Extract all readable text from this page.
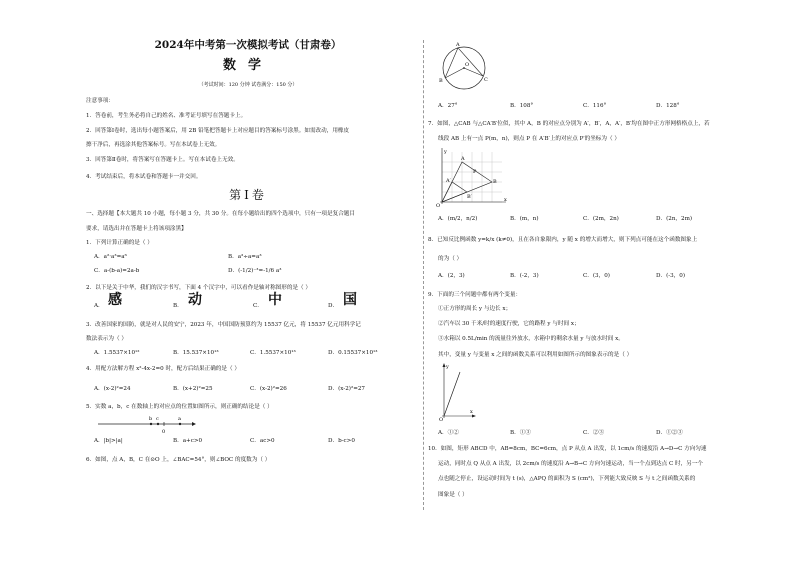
2024年中考第一次模拟考试（甘肃卷）
数学
（考试时间：120 分钟 试卷满分：150 分）
注意事项：
1．答卷前，考生务必将自己的姓名、准考证号填写在答题卡上。
2．回答第Ⅰ卷时，选出每小题答案后，用 2B 铅笔把答题卡上对应题目的答案标号涂黑。如需改动，用橡皮
擦干净后，再选涂其他答案标号。写在本试卷上无效。
3．回答第Ⅱ卷时，将答案写在答题卡上。写在本试卷上无效。
4．考试结束后，将本试卷和答题卡一并交回。
第Ⅰ卷
一、选择题【本大题共 10 小题，每小题 3 分，共 30 分。在每小题给出的四个选项中，只有一项是复合题目
要求，请选出并在答题卡上将该项涂黑】
1．下列计算正确的是（ ）
A．a²·a³=a⁶	B．a³÷a=a³
C．a-(b-a)=2a-b	D．(-1/2)⁻³=-1/6 a³
2．以下是关于中华，我们的汉字书写，下面 4 个汉字中，可以看作是轴对称图形的是（ ）
A． 感	B． 动	C． 中	D． 国
3．改善国家的国防，就是对人民的安宁，2023 年，中国国防预算约为 15537 亿元，将 15537 亿元用科学记
数法表示为（ ）
A．1.5537×10¹²	B．15.537×10¹³	C．1.5537×10¹³	D．0.15537×10¹³
4．用配方法解方程 x²-4x-2=0 时，配方后结果正确的是（ ）
A．(x-2)²=24	B．(x+2)²=25	C．(x-2)²=26	D．(x-2)²=27
5．实数 a，b，c 在数轴上的对应点的位置如图所示，则正确的结论是（ ）
b c
0
a
A．|b|>|a|	B．a+c>0	C．ac>0	D．b-c>0
6．如图，点 A，B，C 在⊙O 上，∠BAC=54°，则∠BOC 的度数为（ ）
A
B	C
O
A．27°	B．108°	C．116°	D．128°
7．如图，△CAB 与△CA′B′位似，其中 A，B 的对应点分别为 A′，B′，A，A′，B′均在图中正方形网格格点上，若
线段 AB 上有一点 P(m，n)，则点 P 在 A′B′上的对应点 P′的坐标为（ ）
y
x
O
A
B
A′
B′
P
A．(m/2，n/2)	B．(m，n)	C．(2m，2n)	D．(2n，2m)
8．已知反比例函数 y=k/x (k≠0)，且在各自象限内，y 随 x 的增大而增大，则下列点可能在这个函数图象上
的为（ ）
A．(2，3)	B．(-2，3)	C．(3，0)	D．(-3，0)
9．下面的三个问题中都有两个变量：
①正方形的周长 y 与边长 x；
②汽车以 30 千米/时的速度行驶，它的路程 y 与时间 x；
③水箱以 0.5L/min 的流量往外放水，水箱中的剩余水量 y 与放水时间 x。
其中，变量 y 与变量 x 之间的函数关系可以利用如图所示的图象表示的是（ ）
y
x
O
A．①②	B．①③	C．②③	D．①②③
10．如图，矩形 ABCD 中，AB=8cm，BC=6cm，点 P 从点 A 出发，以 1cm/s 的速度沿 A→D→C 方向匀速
运动，同时点 Q 从点 A 出发，以 2cm/s 的速度沿 A→B→C 方向匀速运动，当一个点到达点 C 时，另一个
点也随之停止，设运动时间为 t (s)，△APQ 的面积为 S (cm²)，下列能大致反映 S 与 t 之间函数关系的
图象是（ ）
